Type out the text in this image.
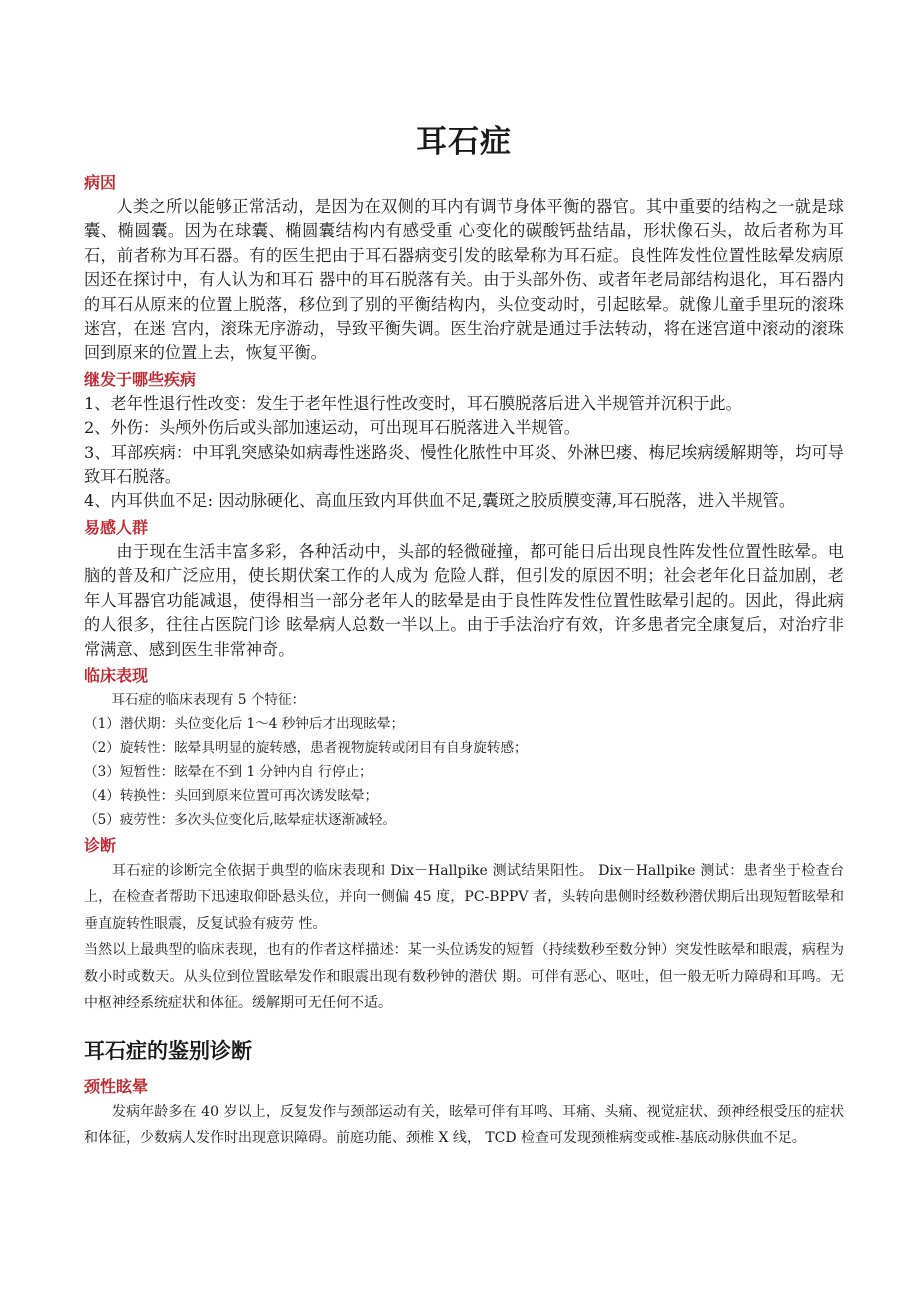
耳石症

病因

人类之所以能够正常活动，是因为在双侧的耳内有调节身体平衡的器官。其中重要的结构之一就是球囊、椭圆囊。因为在球囊、椭圆囊结构内有感受重 心变化的碳酸钙盐结晶，形状像石头，故后者称为耳石，前者称为耳石器。有的医生把由于耳石器病变引发的眩晕称为耳石症。良性阵发性位置性眩晕发病原因还在探讨中，有人认为和耳石 器中的耳石脱落有关。由于头部外伤、或者年老局部结构退化，耳石器内的耳石从原来的位置上脱落，移位到了别的平衡结构内，头位变动时，引起眩晕。就像儿童手里玩的滚珠迷宫，在迷 宫内，滚珠无序游动，导致平衡失调。医生治疗就是通过手法转动，将在迷宫道中滚动的滚珠回到原来的位置上去，恢复平衡。

继发于哪些疾病

1、老年性退行性改变：发生于老年性退行性改变时，耳石膜脱落后进入半规管并沉积于此。

2、外伤：头颅外伤后或头部加速运动，可出现耳石脱落进入半规管。

3、耳部疾病：中耳乳突感染如病毒性迷路炎、慢性化脓性中耳炎、外淋巴瘘、梅尼埃病缓解期等，均可导致耳石脱落。

4、内耳供血不足: 因动脉硬化、高血压致内耳供血不足,囊斑之胶质膜变薄,耳石脱落，进入半规管。

易感人群

由于现在生活丰富多彩，各种活动中，头部的轻微碰撞，都可能日后出现良性阵发性位置性眩晕。电脑的普及和广泛应用，使长期伏案工作的人成为 危险人群，但引发的原因不明；社会老年化日益加剧，老年人耳器官功能减退，使得相当一部分老年人的眩晕是由于良性阵发性位置性眩晕引起的。因此，得此病的人很多，往往占医院门诊 眩晕病人总数一半以上。由于手法治疗有效，许多患者完全康复后，对治疗非常满意、感到医生非常神奇。

临床表现

耳石症的临床表现有 5 个特征：

（1）潜伏期：头位变化后 1～4 秒钟后才出现眩晕；

（2）旋转性：眩晕具明显的旋转感，患者视物旋转或闭目有自身旋转感；

（3）短暂性：眩晕在不到 1 分钟内自 行停止；

（4）转换性：头回到原来位置可再次诱发眩晕；

（5）疲劳性：多次头位变化后,眩晕症状逐渐减轻。

诊断

耳石症的诊断完全依据于典型的临床表现和 Dix－Hallpike 测试结果阳性。 Dix－Hallpike 测试：患者坐于检查台上，在检查者帮助下迅速取仰卧悬头位，并向一侧偏 45 度，PC-BPPV 者，头转向患侧时经数秒潜伏期后出现短暂眩晕和垂直旋转性眼震，反复试验有疲劳 性。

当然以上最典型的临床表现，也有的作者这样描述：某一头位诱发的短暂（持续数秒至数分钟）突发性眩晕和眼震，病程为数小时或数天。从头位到位置眩晕发作和眼震出现有数秒钟的潜伏 期。可伴有恶心、呕吐，但一般无听力障碍和耳鸣。无中枢神经系统症状和体征。缓解期可无任何不适。

耳石症的鉴别诊断

颈性眩晕

发病年龄多在 40 岁以上，反复发作与颈部运动有关，眩晕可伴有耳鸣、耳痛、头痛、视觉症状、颈神经根受压的症状和体征，少数病人发作时出现意识障碍。前庭功能、颈椎 X 线， TCD 检查可发现颈椎病变或椎-基底动脉供血不足。
